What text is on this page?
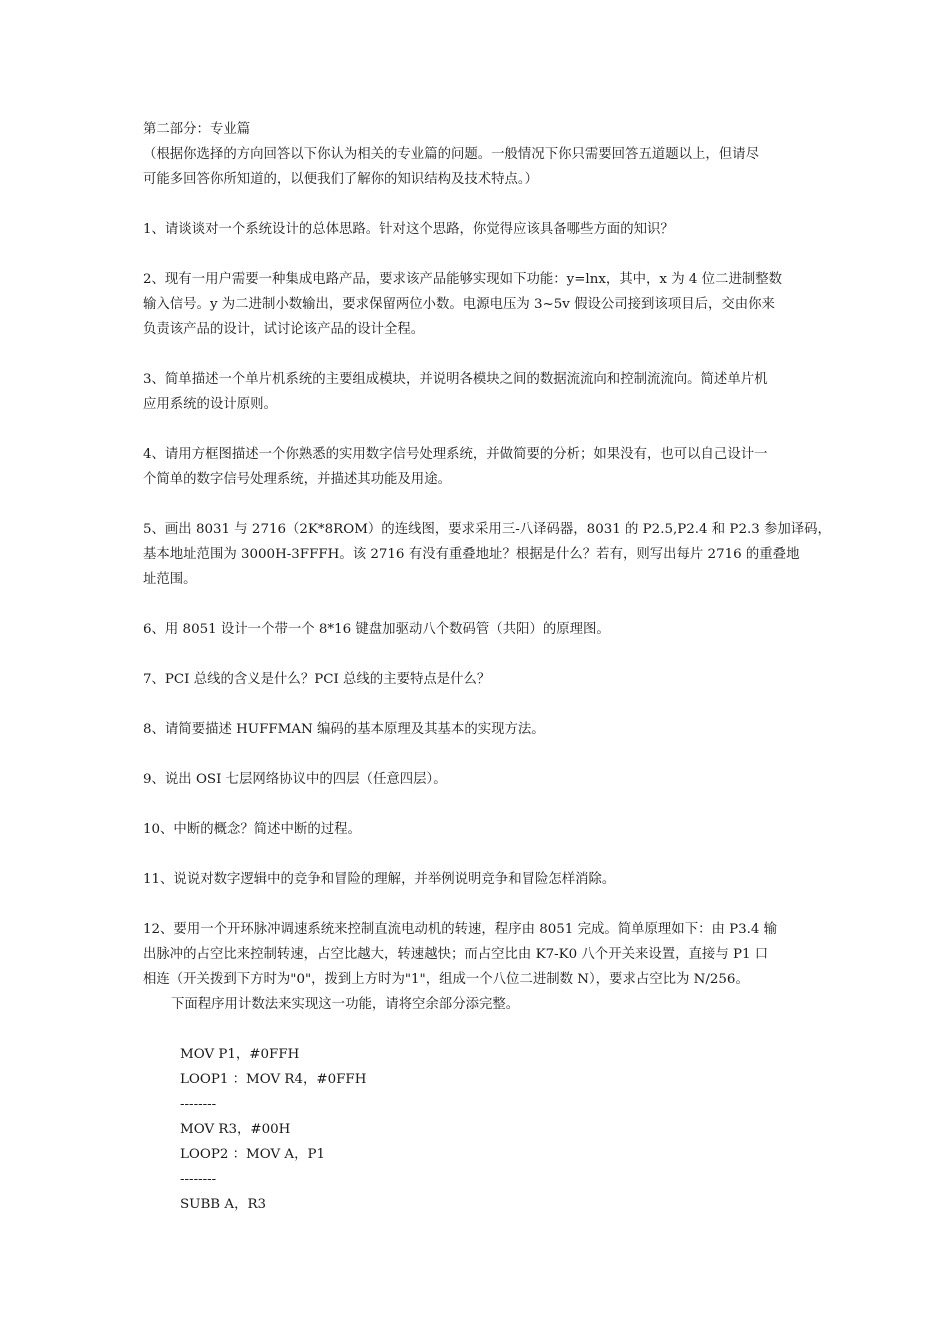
第二部分：专业篇
（根据你选择的方向回答以下你认为相关的专业篇的问题。一般情况下你只需要回答五道题以上，但请尽
可能多回答你所知道的，以便我们了解你的知识结构及技术特点。）
1、请谈谈对一个系统设计的总体思路。针对这个思路，你觉得应该具备哪些方面的知识？
2、现有一用户需要一种集成电路产品，要求该产品能够实现如下功能：y=lnx，其中，x 为 4 位二进制整数
输入信号。y 为二进制小数输出，要求保留两位小数。电源电压为 3~5v 假设公司接到该项目后，交由你来
负责该产品的设计，试讨论该产品的设计全程。
3、简单描述一个单片机系统的主要组成模块，并说明各模块之间的数据流流向和控制流流向。简述单片机
应用系统的设计原则。
4、请用方框图描述一个你熟悉的实用数字信号处理系统，并做简要的分析；如果没有，也可以自己设计一
个简单的数字信号处理系统，并描述其功能及用途。
5、画出 8031 与 2716（2K*8ROM）的连线图，要求采用三-八译码器，8031 的 P2.5,P2.4 和 P2.3 参加译码，
基本地址范围为 3000H-3FFFH。该 2716 有没有重叠地址？根据是什么？若有，则写出每片 2716 的重叠地
址范围。
6、用 8051 设计一个带一个 8*16 键盘加驱动八个数码管（共阳）的原理图。
7、PCI 总线的含义是什么？PCI 总线的主要特点是什么？
8、请简要描述 HUFFMAN 编码的基本原理及其基本的实现方法。
9、说出 OSI 七层网络协议中的四层（任意四层）。
10、中断的概念？简述中断的过程。
11、说说对数字逻辑中的竞争和冒险的理解，并举例说明竞争和冒险怎样消除。
12、要用一个开环脉冲调速系统来控制直流电动机的转速，程序由 8051 完成。简单原理如下：由 P3.4 输
出脉冲的占空比来控制转速，占空比越大，转速越快；而占空比由 K7-K0 八个开关来设置，直接与 P1 口
相连（开关拨到下方时为"0"，拨到上方时为"1"，组成一个八位二进制数 N），要求占空比为 N/256。
下面程序用计数法来实现这一功能，请将空余部分添完整。
MOV P1，#0FFH
LOOP1 ：MOV R4，#0FFH
--------
MOV R3，#00H
LOOP2 ：MOV A，P1
--------
SUBB A，R3
